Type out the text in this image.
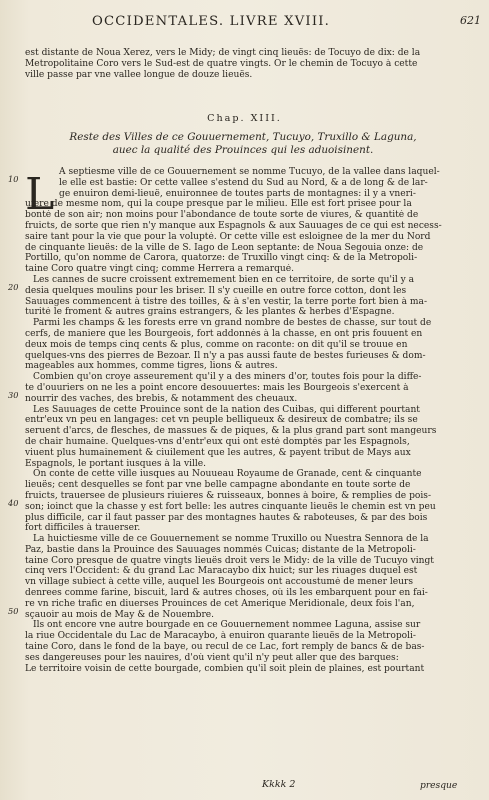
OCCIDENTALES. LIVRE XVIII.	621
est distante de Noua Xerez, vers le Midy; de vingt cinq lieuës: de Tocuyo de dix: de la
Metropolitaine Coro vers le Sud-est de quatre vingts. Or le chemin de Tocuyo à cette
ville passe par vne vallee longue de douze lieuës.
Chap. XIII.
Reste des Villes de ce Gouuernement, Tucuyo, Truxillo & Laguna,
auec la qualité des Prouinces qui les aduoisinent.
L
10
20
30
40
50
A septiesme ville de ce Gouuernement se nomme Tucuyo, de la vallee dans laquel-
le elle est bastie: Or cette vallee s'estend du Sud au Nord, & a de long & de lar-
ge enuiron demi-lieuë, enuironnee de toutes parts de montagnes: il y a vneri-
uiere de mesme nom, qui la coupe presque par le milieu. Elle est fort prisee pour la
bonté de son air; non moins pour l'abondance de toute sorte de viures, & quantité de
fruicts, de sorte que rien n'y manque aux Espagnols & aux Sauuages de ce qui est necess-
saire tant pour la vie que pour la volupté. Or cette ville est esloignee de la mer du Nord
de cinquante lieuës: de la ville de S. Iago de Leon septante: de Noua Segouia onze: de
Portillo, qu'on nomme de Carora, quatorze: de Truxillo vingt cinq: & de la Metropoli-
taine Coro quatre vingt cinq; comme Herrera a remarqué.
Les cannes de sucre croissent extremement bien en ce territoire, de sorte qu'il y a
desia quelques moulins pour les briser. Il s'y cueille en outre force cotton, dont les
Sauuages commencent à tistre des toilles, & à s'en vestir, la terre porte fort bien à ma-
turité le froment & autres grains estrangers, & les plantes & herbes d'Espagne.
Parmi les champs & les forests erre vn grand nombre de bestes de chasse, sur tout de
cerfs, de maniere que les Bourgeois, fort addonnés à la chasse, en ont pris fouuent en
deux mois de temps cinq cents & plus, comme on raconte: on dit qu'il se trouue en
quelques-vns des pierres de Bezoar. Il n'y a pas aussi faute de bestes furieuses & dom-
mageables aux hommes, comme tigres, lions & autres.
Combien qu'on croye asseurement qu'il y a des miners d'or, toutes fois pour la diffe-
te d'ouuriers on ne les a point encore desouuertes: mais les Bourgeois s'exercent à
nourrir des vaches, des brebis, & notamment des cheuaux.
Les Sauuages de cette Prouince sont de la nation des Cuibas, qui different pourtant
entr'eux vn peu en langages: cet vn peuple belliqueux & desireux de combatre; ils se
seruent d'arcs, de flesches, de massues & de piques, & la plus grand part sont mangeurs
de chair humaine. Quelques-vns d'entr'eux qui ont esté domptés par les Espagnols,
viuent plus humainement & ciuilement que les autres, & payent tribut de Mays aux
Espagnols, le portant iusques à la ville.
On conte de cette ville iusques au Nouueau Royaume de Granade, cent & cinquante
lieuës; cent desquelles se font par vne belle campagne abondante en toute sorte de
fruicts, trauersee de plusieurs riuieres & ruisseaux, bonnes à boire, & remplies de pois-
son; ioinct que la chasse y est fort belle: les autres cinquante lieuës le chemin est vn peu
plus difficile, car il faut passer par des montagnes hautes & raboteuses, & par des bois
fort difficiles à trauerser.
La huictiesme ville de ce Gouuernement se nomme Truxillo ou Nuestra Sennora de la
Paz, bastie dans la Prouince des Sauuages nommés Cuicas; distante de la Metropoli-
taine Coro presque de quatre vingts lieuës droit vers le Midy: de la ville de Tucuyo vingt
cinq vers l'Occident: & du grand Lac Maracaybo dix huict; sur les riuages duquel est
vn village subiect à cette ville, auquel les Bourgeois ont accoustumé de mener leurs
denrees comme farine, biscuit, lard & autres choses, où ils les embarquent pour en fai-
re vn riche trafic en diuerses Prouinces de cet Amerique Meridionale, deux fois l'an,
sçauoir au mois de May & de Nouembre.
Ils ont encore vne autre bourgade en ce Gouuernement nommee Laguna, assise sur
la riue Occidentale du Lac de Maracaybo, à enuiron quarante lieuës de la Metropoli-
taine Coro, dans le fond de la baye, ou recul de ce Lac, fort remply de bancs & de bas-
ses dangereuses pour les nauires, d'où vient qu'il n'y peut aller que des barques:
Le territoire voisin de cette bourgade, combien qu'il soit plein de plaines, est pourtant
Kkkk 2	presque
